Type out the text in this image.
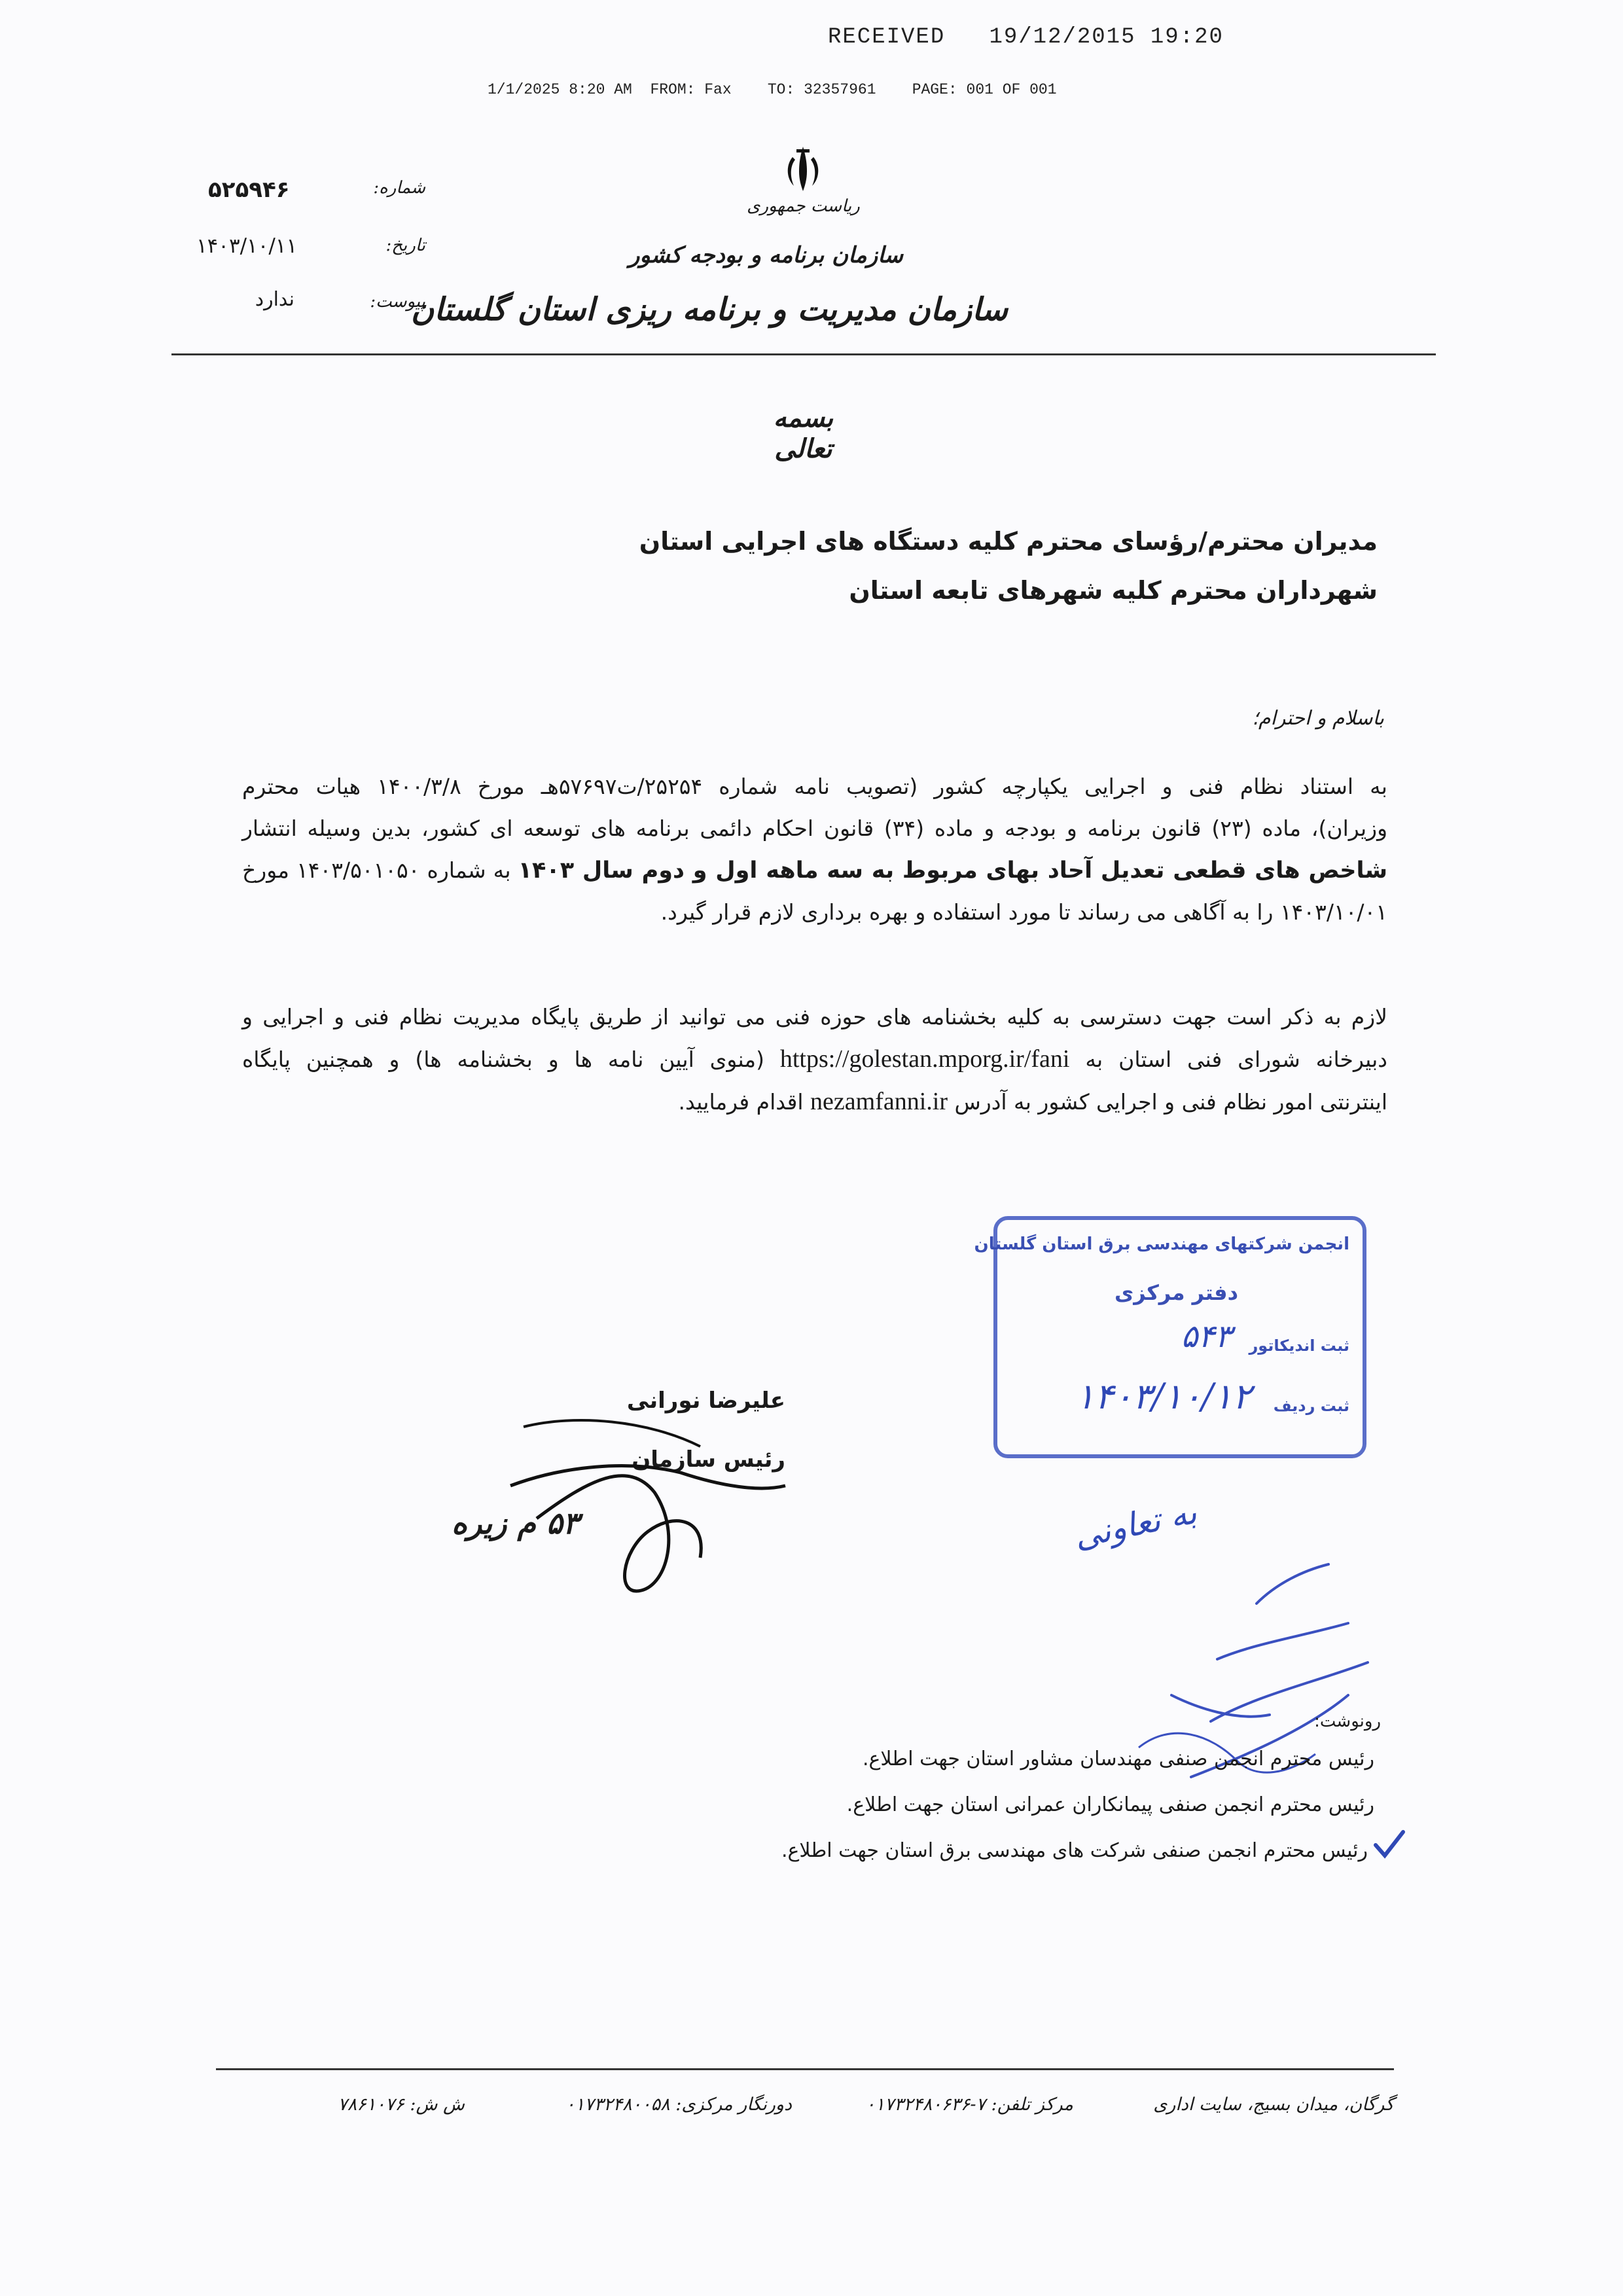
RECEIVED 19/12/2015 19:20
1/1/2025 8:20 AM  FROM: Fax    TO: 32357961    PAGE: 001 OF 001
ریاست جمهوری
سازمان برنامه و بودجه کشور
سازمان مدیریت و برنامه ریزی استان گلستان
شماره:
۵۲۵۹۴۶
تاریخ:
۱۴۰۳/۱۰/۱۱
پیوست:
ندارد
بسمه تعالی
مدیران محترم/رؤسای محترم کلیه دستگاه های اجرایی استان
شهرداران محترم کلیه شهرهای تابعه استان
باسلام و احترام؛
به استناد نظام فنی و اجرایی یکپارچه کشور (تصویب نامه شماره ۲۵۲۵۴/ت۵۷۶۹۷هـ مورخ ۱۴۰۰/۳/۸ هیات محترم
وزیران)، ماده (۲۳) قانون برنامه و بودجه و ماده (۳۴) قانون احکام دائمی برنامه های توسعه ای کشور، بدین وسیله انتشار
شاخص های قطعی تعدیل آحاد بهای مربوط به سه ماهه اول و دوم سال ۱۴۰۳ به شماره ۱۴۰۳/۵۰۱۰۵۰ مورخ
۱۴۰۳/۱۰/۰۱ را به آگاهی می رساند تا مورد استفاده و بهره برداری لازم قرار گیرد.
لازم به ذکر است جهت دسترسی به کلیه بخشنامه های حوزه فنی می توانید از طریق پایگاه مدیریت نظام فنی و اجرایی و
دبیرخانه شورای فنی استان به https://golestan.mporg.ir/fani (منوی آیین نامه ها و بخشنامه ها) و همچنین پایگاه
اینترنتی امور نظام فنی و اجرایی کشور به آدرس nezamfanni.ir اقدام فرمایید.
انجمن شرکتهای مهندسی برق استان گلستان
دفتر مرکزی
ثبت اندیکاتور
۵۴۳
ثبت ردیف
۱۴۰۳/۱۰/۱۲
به تعاونی
علیرضا نورانی
رئیس سازمان
۵۳ م زیره
رونوشت:
رئیس محترم انجمن صنفی مهندسان مشاور استان جهت اطلاع.
رئیس محترم انجمن صنفی پیمانکاران عمرانی استان جهت اطلاع.
رئیس محترم انجمن صنفی شرکت های مهندسی برق استان جهت اطلاع.
گرگان، میدان بسیج، سایت اداری
مرکز تلفن: ۷-۰۱۷۳۲۴۸۰۶۳۶
دورنگار مرکزی: ۰۱۷۳۲۴۸۰۰۵۸
ش ش: ۷۸۶۱۰۷۶
